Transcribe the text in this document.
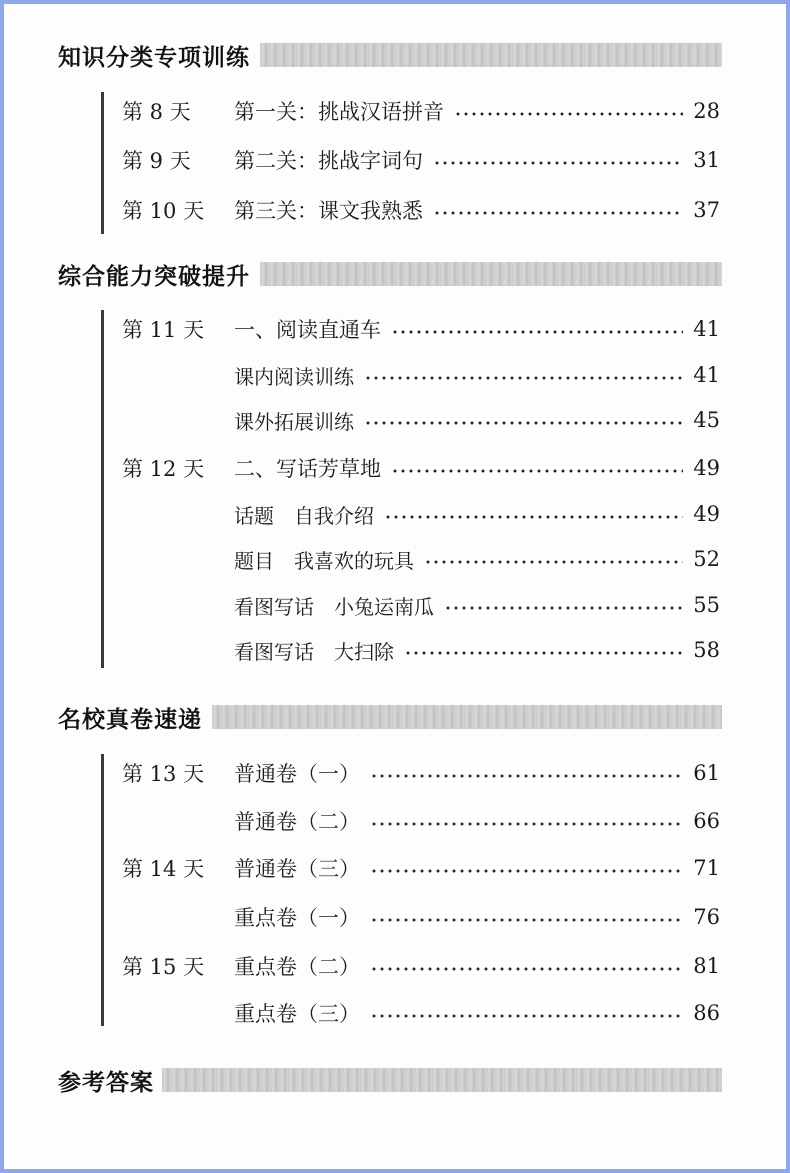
知识分类专项训练
第 8 天	第一关：挑战汉语拼音	28
第 9 天	第二关：挑战字词句	31
第 10 天	第三关：课文我熟悉	37
综合能力突破提升
第 11 天	一、阅读直通车	41
课内阅读训练	41
课外拓展训练	45
第 12 天	二、写话芳草地	49
话题　自我介绍	49
题目　我喜欢的玩具	52
看图写话　小兔运南瓜	55
看图写话　大扫除	58
名校真卷速递
第 13 天	普通卷（一）	61
普通卷（二）	66
第 14 天	普通卷（三）	71
重点卷（一）	76
第 15 天	重点卷（二）	81
重点卷（三）	86
参考答案
